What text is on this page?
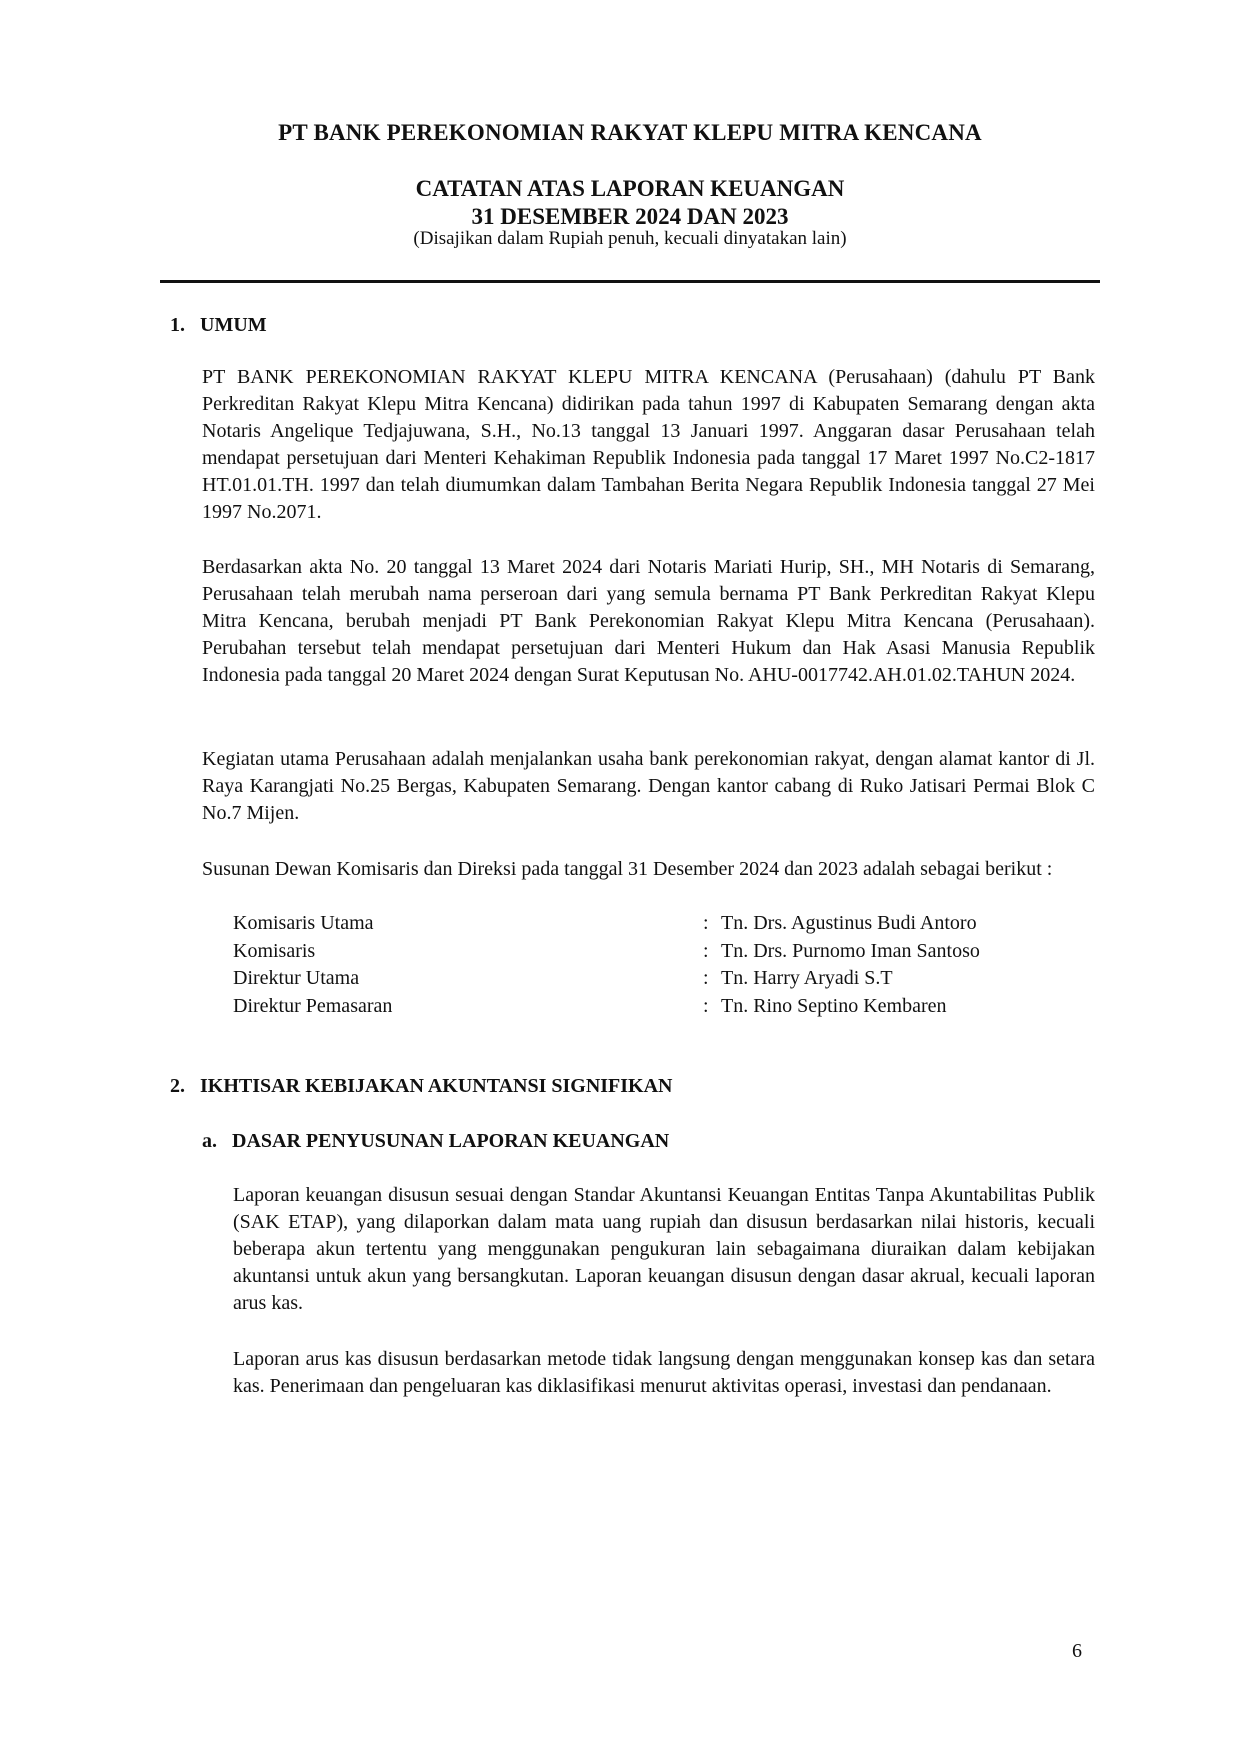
PT BANK PEREKONOMIAN RAKYAT KLEPU MITRA KENCANA
CATATAN ATAS LAPORAN KEUANGAN
31 DESEMBER 2024 DAN 2023
(Disajikan dalam Rupiah penuh, kecuali dinyatakan lain)
1. UMUM

PT BANK PEREKONOMIAN RAKYAT KLEPU MITRA KENCANA (Perusahaan) (dahulu PT Bank Perkreditan Rakyat Klepu Mitra Kencana) didirikan pada tahun 1997 di Kabupaten Semarang dengan akta Notaris Angelique Tedjajuwana, S.H., No.13 tanggal 13 Januari 1997. Anggaran dasar Perusahaan telah mendapat persetujuan dari Menteri Kehakiman Republik Indonesia pada tanggal 17 Maret 1997 No.C2-1817 HT.01.01.TH. 1997 dan telah diumumkan dalam Tambahan Berita Negara Republik Indonesia tanggal 27 Mei 1997 No.2071.

Berdasarkan akta No. 20 tanggal 13 Maret 2024 dari Notaris Mariati Hurip, SH., MH Notaris di Semarang, Perusahaan telah merubah nama perseroan dari yang semula bernama PT Bank Perkreditan Rakyat Klepu Mitra Kencana, berubah menjadi PT Bank Perekonomian Rakyat Klepu Mitra Kencana (Perusahaan). Perubahan tersebut telah mendapat persetujuan dari Menteri Hukum dan Hak Asasi Manusia Republik Indonesia pada tanggal 20 Maret 2024 dengan Surat Keputusan No. AHU-0017742.AH.01.02.TAHUN 2024.

Kegiatan utama Perusahaan adalah menjalankan usaha bank perekonomian rakyat, dengan alamat kantor di Jl. Raya Karangjati No.25 Bergas, Kabupaten Semarang. Dengan kantor cabang di Ruko Jatisari Permai Blok C No.7 Mijen.

Susunan Dewan Komisaris dan Direksi pada tanggal 31 Desember 2024 dan 2023 adalah sebagai berikut :

Komisaris Utama	: Tn. Drs. Agustinus Budi Antoro
Komisaris	: Tn. Drs. Purnomo Iman Santoso
Direktur Utama	: Tn. Harry Aryadi S.T
Direktur Pemasaran	: Tn. Rino Septino Kembaren
2. IKHTISAR KEBIJAKAN AKUNTANSI SIGNIFIKAN
a. DASAR PENYUSUNAN LAPORAN KEUANGAN

Laporan keuangan disusun sesuai dengan Standar Akuntansi Keuangan Entitas Tanpa Akuntabilitas Publik (SAK ETAP), yang dilaporkan dalam mata uang rupiah dan disusun berdasarkan nilai historis, kecuali beberapa akun tertentu yang menggunakan pengukuran lain sebagaimana diuraikan dalam kebijakan akuntansi untuk akun yang bersangkutan. Laporan keuangan disusun dengan dasar akrual, kecuali laporan arus kas.

Laporan arus kas disusun berdasarkan metode tidak langsung dengan menggunakan konsep kas dan setara kas. Penerimaan dan pengeluaran kas diklasifikasi menurut aktivitas operasi, investasi dan pendanaan.

6
